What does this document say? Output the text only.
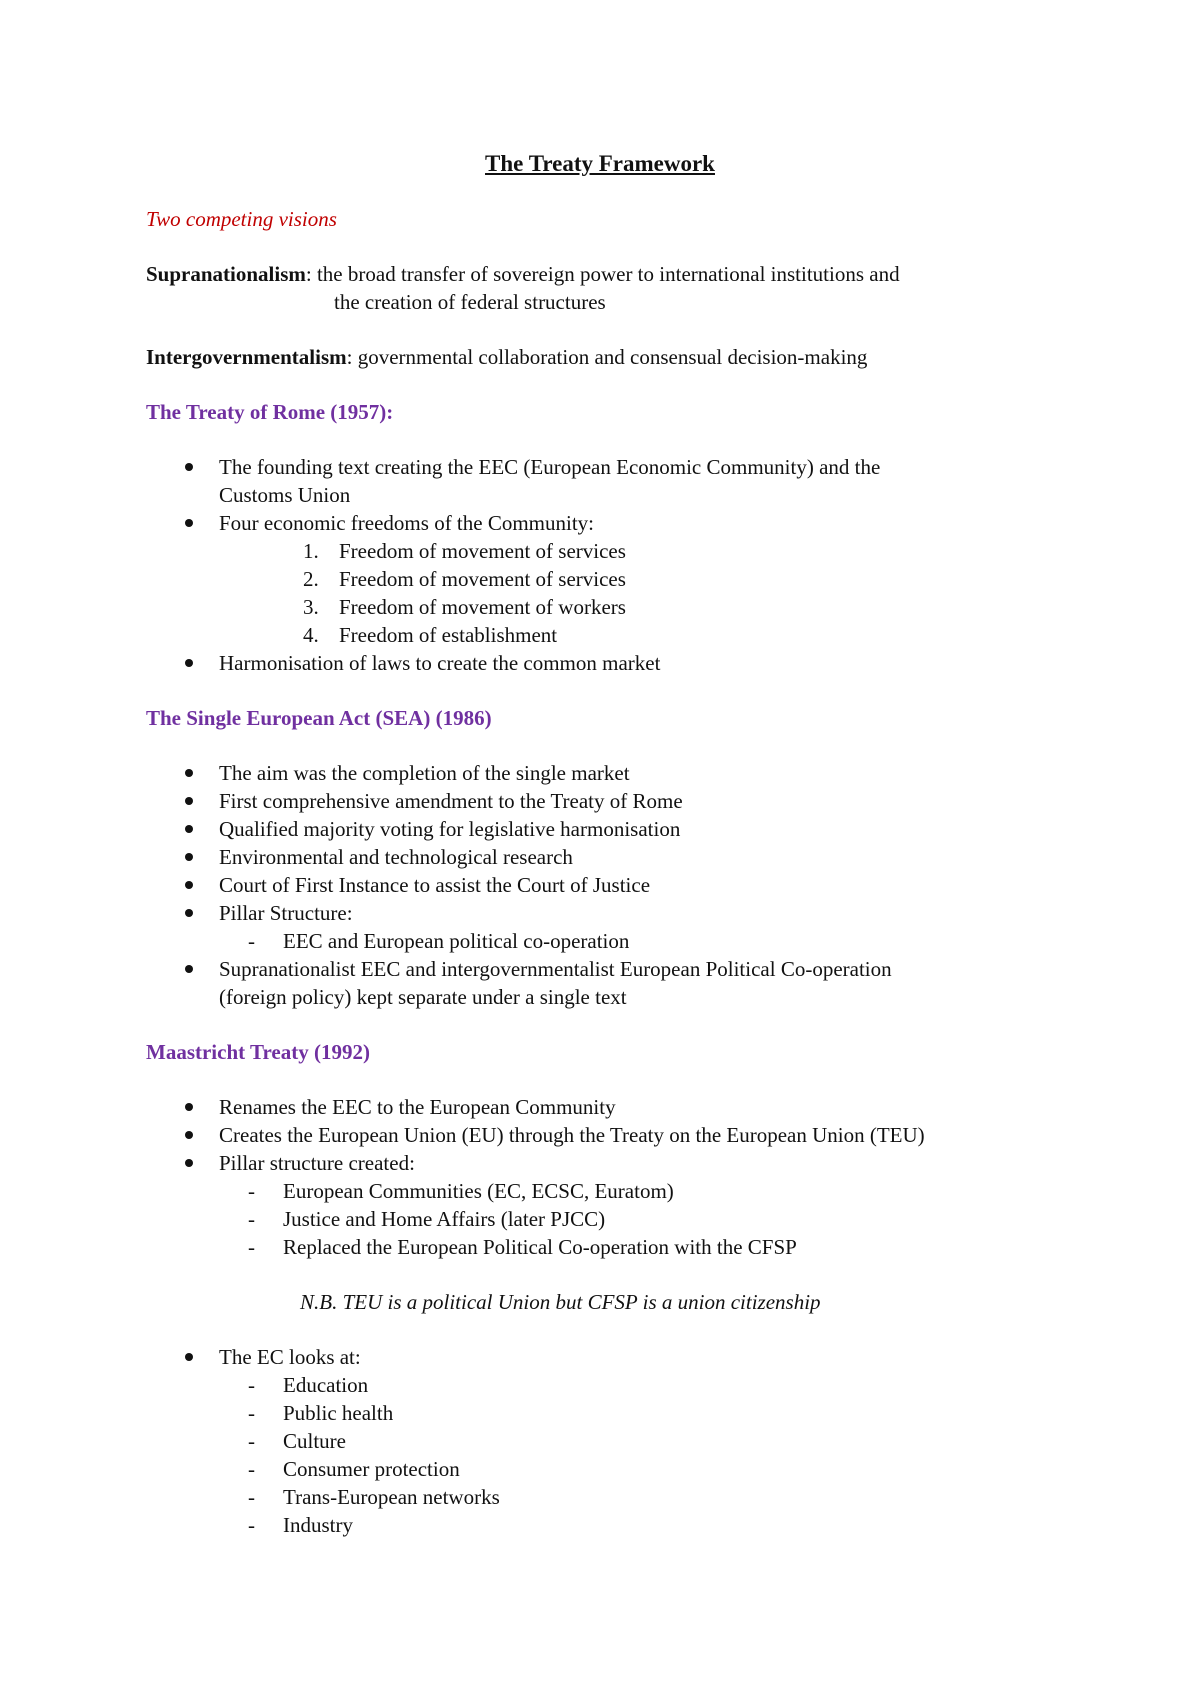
The Treaty Framework
Two competing visions
Supranationalism: the broad transfer of sovereign power to international institutions and
the creation of federal structures
Intergovernmentalism: governmental collaboration and consensual decision-making
The Treaty of Rome (1957):
The founding text creating the EEC (European Economic Community) and the
Customs Union
Four economic freedoms of the Community:
1. Freedom of movement of services
2. Freedom of movement of services
3. Freedom of movement of workers
4. Freedom of establishment
Harmonisation of laws to create the common market
The Single European Act (SEA) (1986)
The aim was the completion of the single market
First comprehensive amendment to the Treaty of Rome
Qualified majority voting for legislative harmonisation
Environmental and technological research
Court of First Instance to assist the Court of Justice
Pillar Structure:
- EEC and European political co-operation
Supranationalist EEC and intergovernmentalist European Political Co-operation
(foreign policy) kept separate under a single text
Maastricht Treaty (1992)
Renames the EEC to the European Community
Creates the European Union (EU) through the Treaty on the European Union (TEU)
Pillar structure created:
- European Communities (EC, ECSC, Euratom)
- Justice and Home Affairs (later PJCC)
- Replaced the European Political Co-operation with the CFSP
N.B. TEU is a political Union but CFSP is a union citizenship
The EC looks at:
- Education
- Public health
- Culture
- Consumer protection
- Trans-European networks
- Industry
